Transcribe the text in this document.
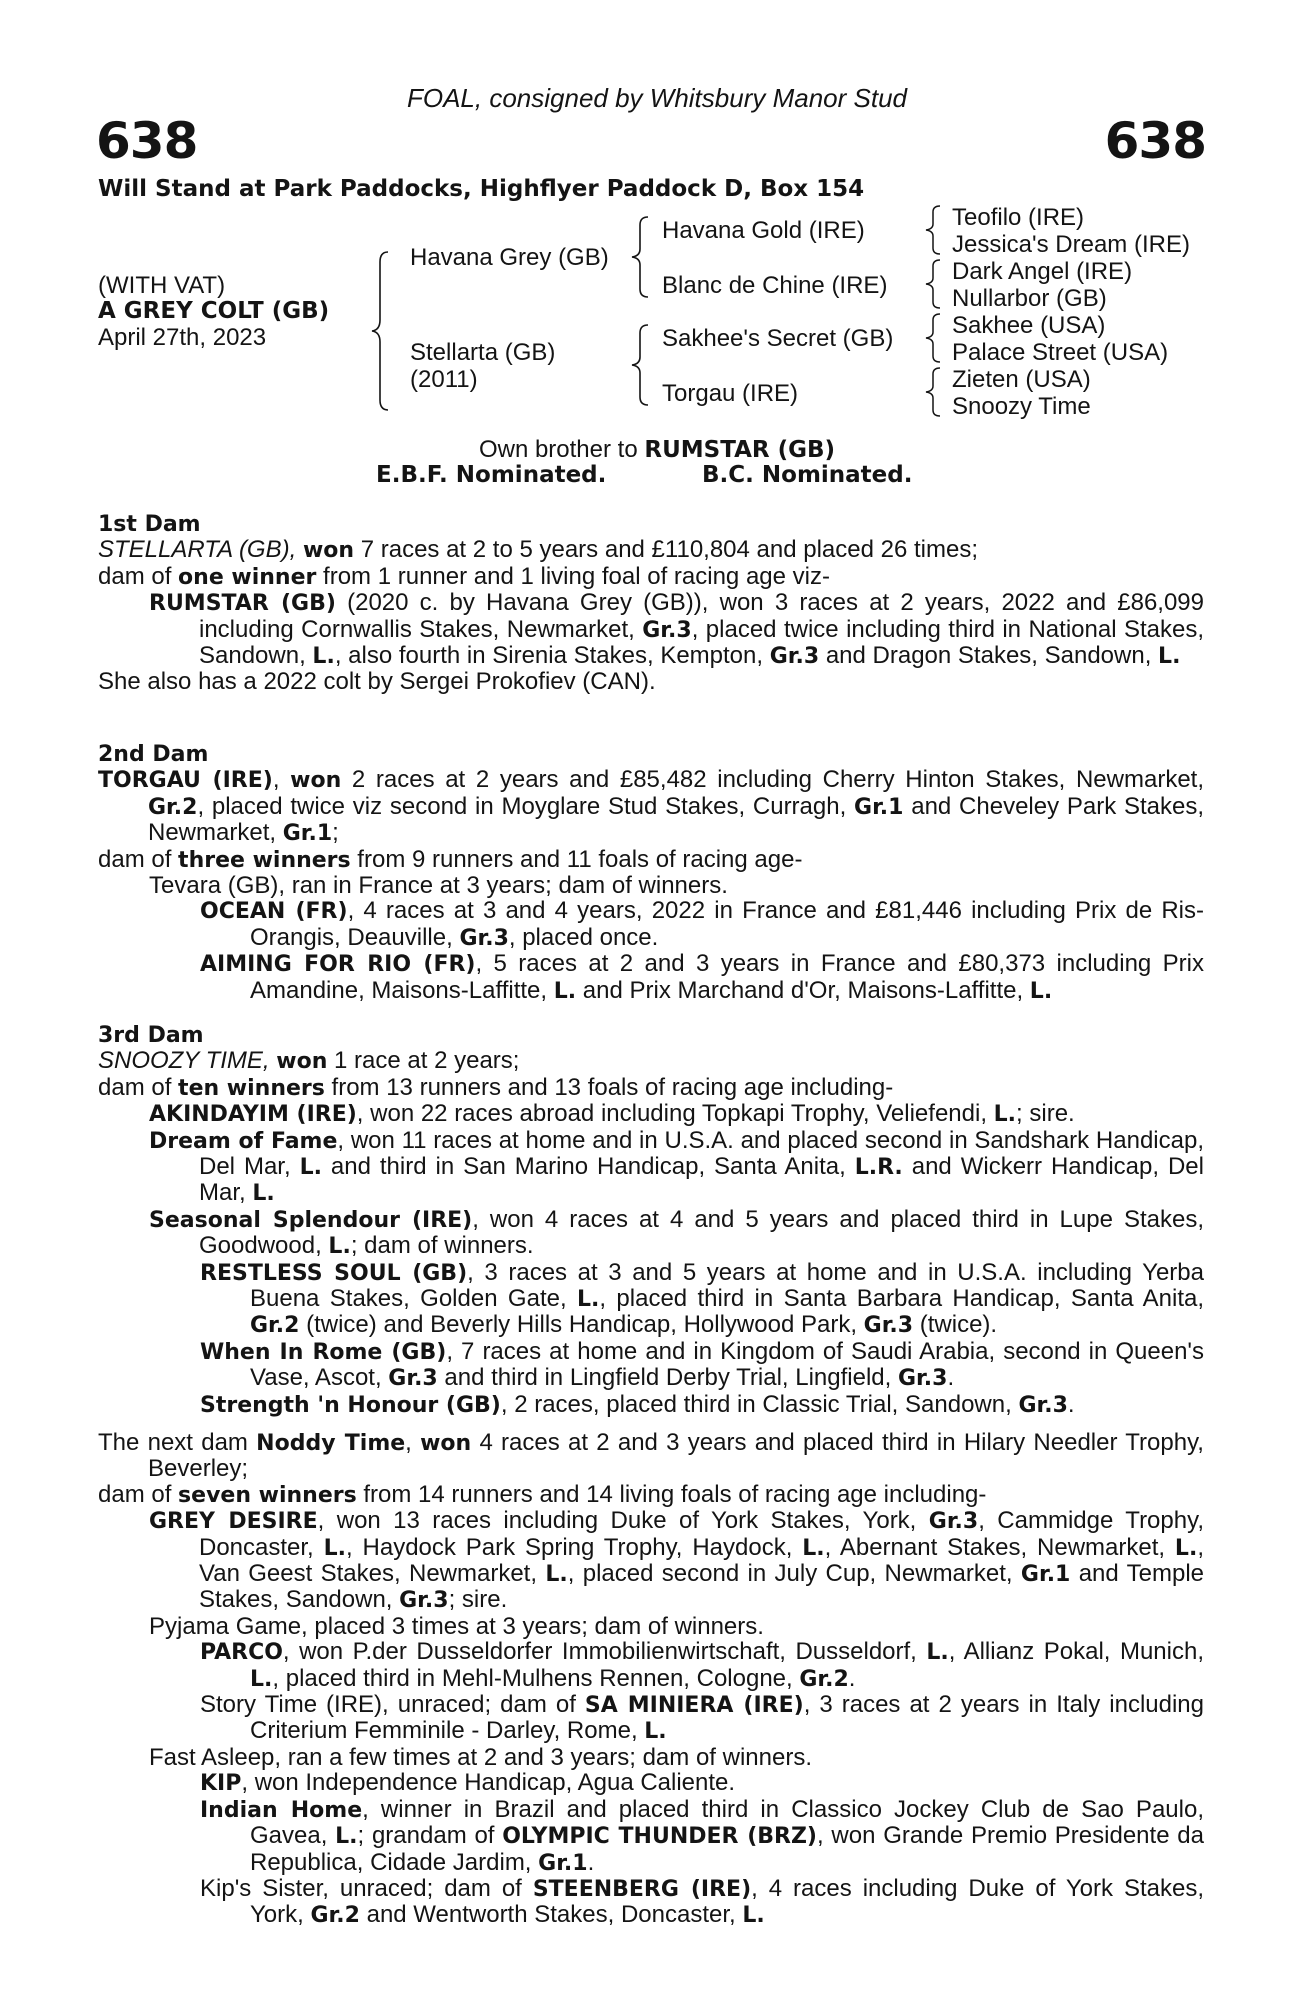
FOAL, consigned by Whitsbury Manor Stud
638	638
Will Stand at Park Paddocks, Highflyer Paddock D, Box 154
(WITH VAT)
A GREY COLT (GB)
April 27th, 2023
Havana Grey (GB)
Stellarta (GB)
(2011)
Havana Gold (IRE)
Blanc de Chine (IRE)
Sakhee's Secret (GB)
Torgau (IRE)
Teofilo (IRE)
Jessica's Dream (IRE)
Dark Angel (IRE)
Nullarbor (GB)
Sakhee (USA)
Palace Street (USA)
Zieten (USA)
Snoozy Time
Own brother to RUMSTAR (GB)
E.B.F. Nominated.	B.C. Nominated.

1st Dam

STELLARTA (GB), won 7 races at 2 to 5 years and £110,804 and placed 26 times;

dam of one winner from 1 runner and 1 living foal of racing age viz-

RUMSTAR (GB) (2020 c. by Havana Grey (GB)), won 3 races at 2 years, 2022 and £86,099 including Cornwallis Stakes, Newmarket, Gr.3, placed twice including third in National Stakes, Sandown, L., also fourth in Sirenia Stakes, Kempton, Gr.3 and Dragon Stakes, Sandown, L.

She also has a 2022 colt by Sergei Prokofiev (CAN).

2nd Dam

TORGAU (IRE), won 2 races at 2 years and £85,482 including Cherry Hinton Stakes, Newmarket, Gr.2, placed twice viz second in Moyglare Stud Stakes, Curragh, Gr.1 and Cheveley Park Stakes, Newmarket, Gr.1;

dam of three winners from 9 runners and 11 foals of racing age-

Tevara (GB), ran in France at 3 years; dam of winners.

OCEAN (FR), 4 races at 3 and 4 years, 2022 in France and £81,446 including Prix de Ris-Orangis, Deauville, Gr.3, placed once.

AIMING FOR RIO (FR), 5 races at 2 and 3 years in France and £80,373 including Prix Amandine, Maisons-Laffitte, L. and Prix Marchand d'Or, Maisons-Laffitte, L.

3rd Dam

SNOOZY TIME, won 1 race at 2 years;

dam of ten winners from 13 runners and 13 foals of racing age including-

AKINDAYIM (IRE), won 22 races abroad including Topkapi Trophy, Veliefendi, L.; sire.

Dream of Fame, won 11 races at home and in U.S.A. and placed second in Sandshark Handicap, Del Mar, L. and third in San Marino Handicap, Santa Anita, L.R. and Wickerr Handicap, Del Mar, L.

Seasonal Splendour (IRE), won 4 races at 4 and 5 years and placed third in Lupe Stakes, Goodwood, L.; dam of winners.

RESTLESS SOUL (GB), 3 races at 3 and 5 years at home and in U.S.A. including Yerba Buena Stakes, Golden Gate, L., placed third in Santa Barbara Handicap, Santa Anita, Gr.2 (twice) and Beverly Hills Handicap, Hollywood Park, Gr.3 (twice).

When In Rome (GB), 7 races at home and in Kingdom of Saudi Arabia, second in Queen's Vase, Ascot, Gr.3 and third in Lingfield Derby Trial, Lingfield, Gr.3.

Strength 'n Honour (GB), 2 races, placed third in Classic Trial, Sandown, Gr.3.

The next dam Noddy Time, won 4 races at 2 and 3 years and placed third in Hilary Needler Trophy, Beverley;

dam of seven winners from 14 runners and 14 living foals of racing age including-

GREY DESIRE, won 13 races including Duke of York Stakes, York, Gr.3, Cammidge Trophy, Doncaster, L., Haydock Park Spring Trophy, Haydock, L., Abernant Stakes, Newmarket, L., Van Geest Stakes, Newmarket, L., placed second in July Cup, Newmarket, Gr.1 and Temple Stakes, Sandown, Gr.3; sire.

Pyjama Game, placed 3 times at 3 years; dam of winners.

PARCO, won P.der Dusseldorfer Immobilienwirtschaft, Dusseldorf, L., Allianz Pokal, Munich, L., placed third in Mehl-Mulhens Rennen, Cologne, Gr.2.

Story Time (IRE), unraced; dam of SA MINIERA (IRE), 3 races at 2 years in Italy including Criterium Femminile - Darley, Rome, L.

Fast Asleep, ran a few times at 2 and 3 years; dam of winners.

KIP, won Independence Handicap, Agua Caliente.

Indian Home, winner in Brazil and placed third in Classico Jockey Club de Sao Paulo, Gavea, L.; grandam of OLYMPIC THUNDER (BRZ), won Grande Premio Presidente da Republica, Cidade Jardim, Gr.1.

Kip's Sister, unraced; dam of STEENBERG (IRE), 4 races including Duke of York Stakes, York, Gr.2 and Wentworth Stakes, Doncaster, L.
